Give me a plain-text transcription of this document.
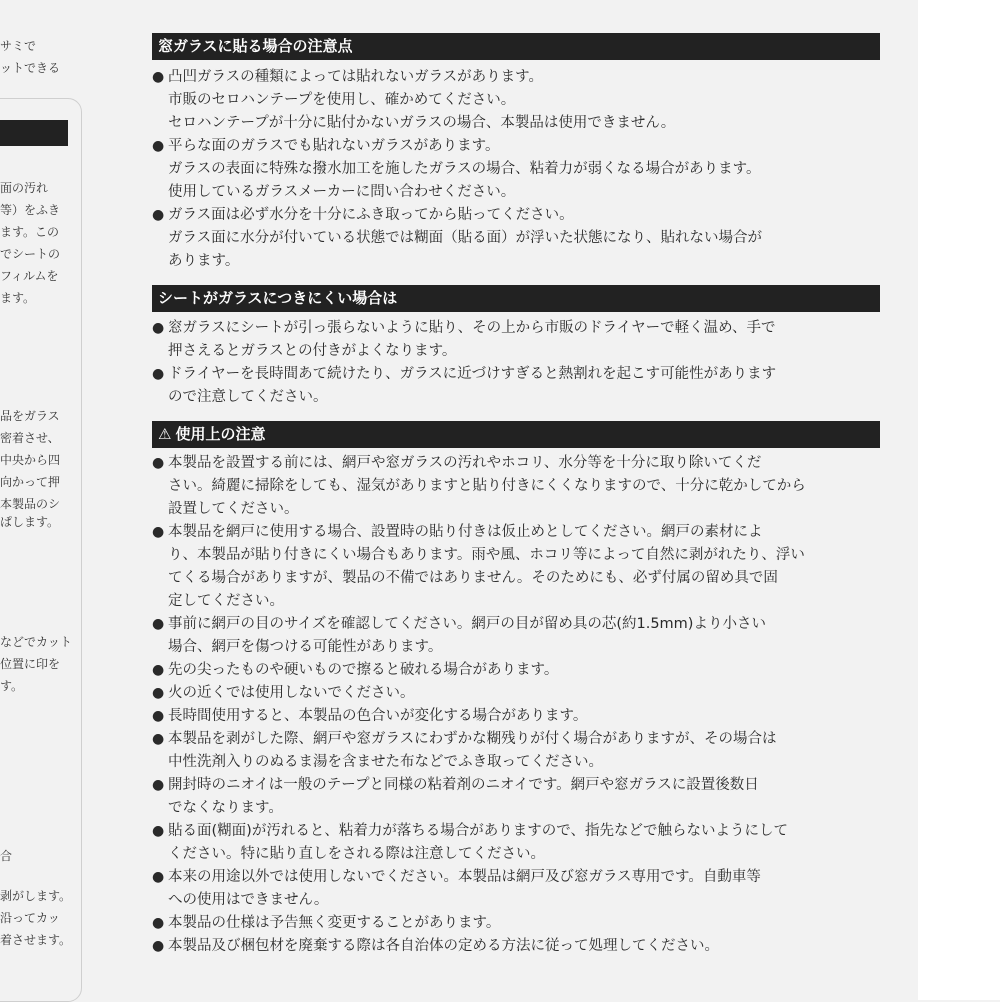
サミで
ットできる
面の汚れ
等）をふき
ます。この
でシートの
フィルムを
ます。
品をガラス
密着させ、
中央から四
向かって押
本製品のシ
ぱします。
などでカット
位置に印を
す。
合
剥がします。
沿ってカッ
着させます。
窓ガラスに貼る場合の注意点
● 凸凹ガラスの種類によっては貼れないガラスがあります。
市販のセロハンテープを使用し、確かめてください。
セロハンテープが十分に貼付かないガラスの場合、本製品は使用できません。
● 平らな面のガラスでも貼れないガラスがあります。
ガラスの表面に特殊な撥水加工を施したガラスの場合、粘着力が弱くなる場合があります。
使用しているガラスメーカーに問い合わせください。
● ガラス面は必ず水分を十分にふき取ってから貼ってください。
ガラス面に水分が付いている状態では糊面（貼る面）が浮いた状態になり、貼れない場合が
あります。
シートがガラスにつきにくい場合は
● 窓ガラスにシートが引っ張らないように貼り、その上から市販のドライヤーで軽く温め、手で
押さえるとガラスとの付きがよくなります。
● ドライヤーを長時間あて続けたり、ガラスに近づけすぎると熱割れを起こす可能性があります
ので注意してください。
⚠ 使用上の注意
● 本製品を設置する前には、網戸や窓ガラスの汚れやホコリ、水分等を十分に取り除いてくだ
さい。綺麗に掃除をしても、湿気がありますと貼り付きにくくなりますので、十分に乾かしてから
設置してください。
● 本製品を網戸に使用する場合、設置時の貼り付きは仮止めとしてください。網戸の素材によ
り、本製品が貼り付きにくい場合もあります。雨や風、ホコリ等によって自然に剥がれたり、浮い
てくる場合がありますが、製品の不備ではありません。そのためにも、必ず付属の留め具で固
定してください。
● 事前に網戸の目のサイズを確認してください。網戸の目が留め具の芯(約1.5mm)より小さい
場合、網戸を傷つける可能性があります。
● 先の尖ったものや硬いもので擦ると破れる場合があります。
● 火の近くでは使用しないでください。
● 長時間使用すると、本製品の色合いが変化する場合があります。
● 本製品を剥がした際、網戸や窓ガラスにわずかな糊残りが付く場合がありますが、その場合は
中性洗剤入りのぬるま湯を含ませた布などでふき取ってください。
● 開封時のニオイは一般のテープと同様の粘着剤のニオイです。網戸や窓ガラスに設置後数日
でなくなります。
● 貼る面(糊面)が汚れると、粘着力が落ちる場合がありますので、指先などで触らないようにして
ください。特に貼り直しをされる際は注意してください。
● 本来の用途以外では使用しないでください。本製品は網戸及び窓ガラス専用です。自動車等
への使用はできません。
● 本製品の仕様は予告無く変更することがあります。
● 本製品及び梱包材を廃棄する際は各自治体の定める方法に従って処理してください。
